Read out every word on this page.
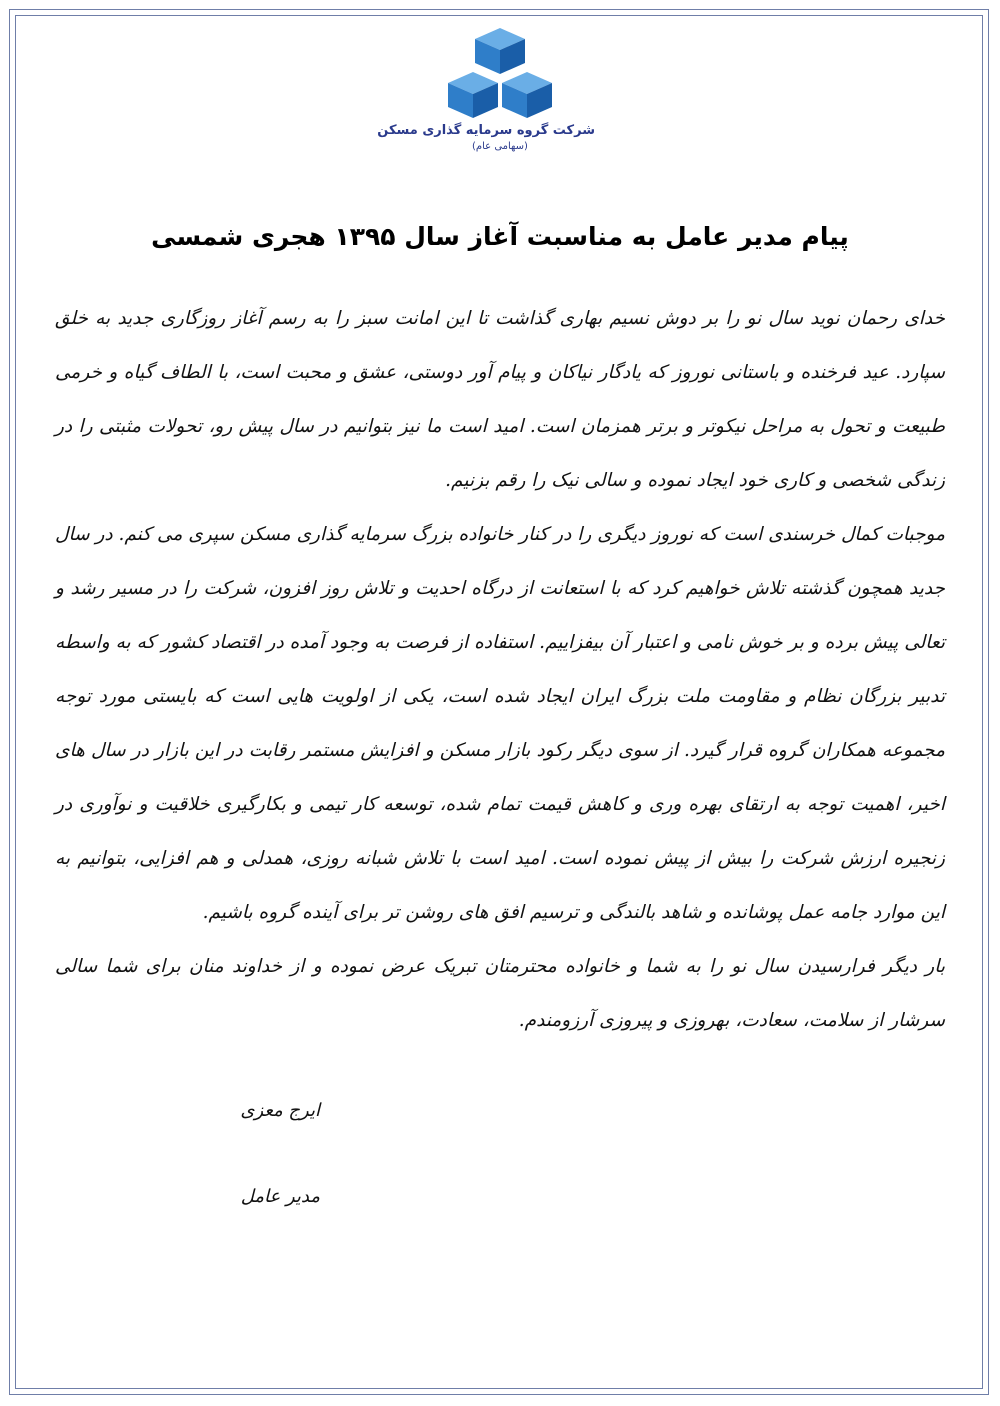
شرکت گروه سرمایه گذاری مسکن
(سهامی عام)
پیام مدیر عامل به مناسبت آغاز سال ۱۳۹۵ هجری شمسی

خدای رحمان نوید سال نو را بر دوش نسیم بهاری گذاشت تا این امانت سبز را به رسم آغاز روزگاری جدید به خلق سپارد. عید فرخنده و باستانی نوروز که یادگار نیاکان و پیام آور دوستی، عشق و محبت است، با الطاف گیاه و خرمی طبیعت و تحول به مراحل نیکوتر و برتر همزمان است. امید است ما نیز بتوانیم در سال پیش رو، تحولات مثبتی را در زندگی شخصی و کاری خود ایجاد نموده و سالی نیک را رقم بزنیم.

موجبات کمال خرسندی است که نوروز دیگری را در کنار خانواده بزرگ سرمایه گذاری مسکن سپری می کنم. در سال جدید همچون گذشته تلاش خواهیم کرد که با استعانت از درگاه احدیت و تلاش روز افزون، شرکت را در مسیر رشد و تعالی پیش برده و بر خوش نامی و اعتبار آن بیفزاییم. استفاده از فرصت به وجود آمده در اقتصاد کشور که به واسطه تدبیر بزرگان نظام و مقاومت ملت بزرگ ایران ایجاد شده است، یکی از اولویت هایی است که بایستی مورد توجه مجموعه همکاران گروه قرار گیرد. از سوی دیگر رکود بازار مسکن و افزایش مستمر رقابت در این بازار در سال های اخیر، اهمیت توجه به ارتقای بهره وری و کاهش قیمت تمام شده، توسعه کار تیمی و بکارگیری خلاقیت و نوآوری در زنجیره ارزش شرکت را بیش از پیش نموده است. امید است با تلاش شبانه روزی، همدلی و هم افزایی، بتوانیم به این موارد جامه عمل پوشانده و شاهد بالندگی و ترسیم افق های روشن تر برای آینده گروه باشیم.

بار دیگر فرارسیدن سال نو را به شما و خانواده محترمتان تبریک عرض نموده و از خداوند منان برای شما سالی سرشار از سلامت، سعادت، بهروزی و پیروزی آرزومندم.

ایرج معزی
مدیر عامل
